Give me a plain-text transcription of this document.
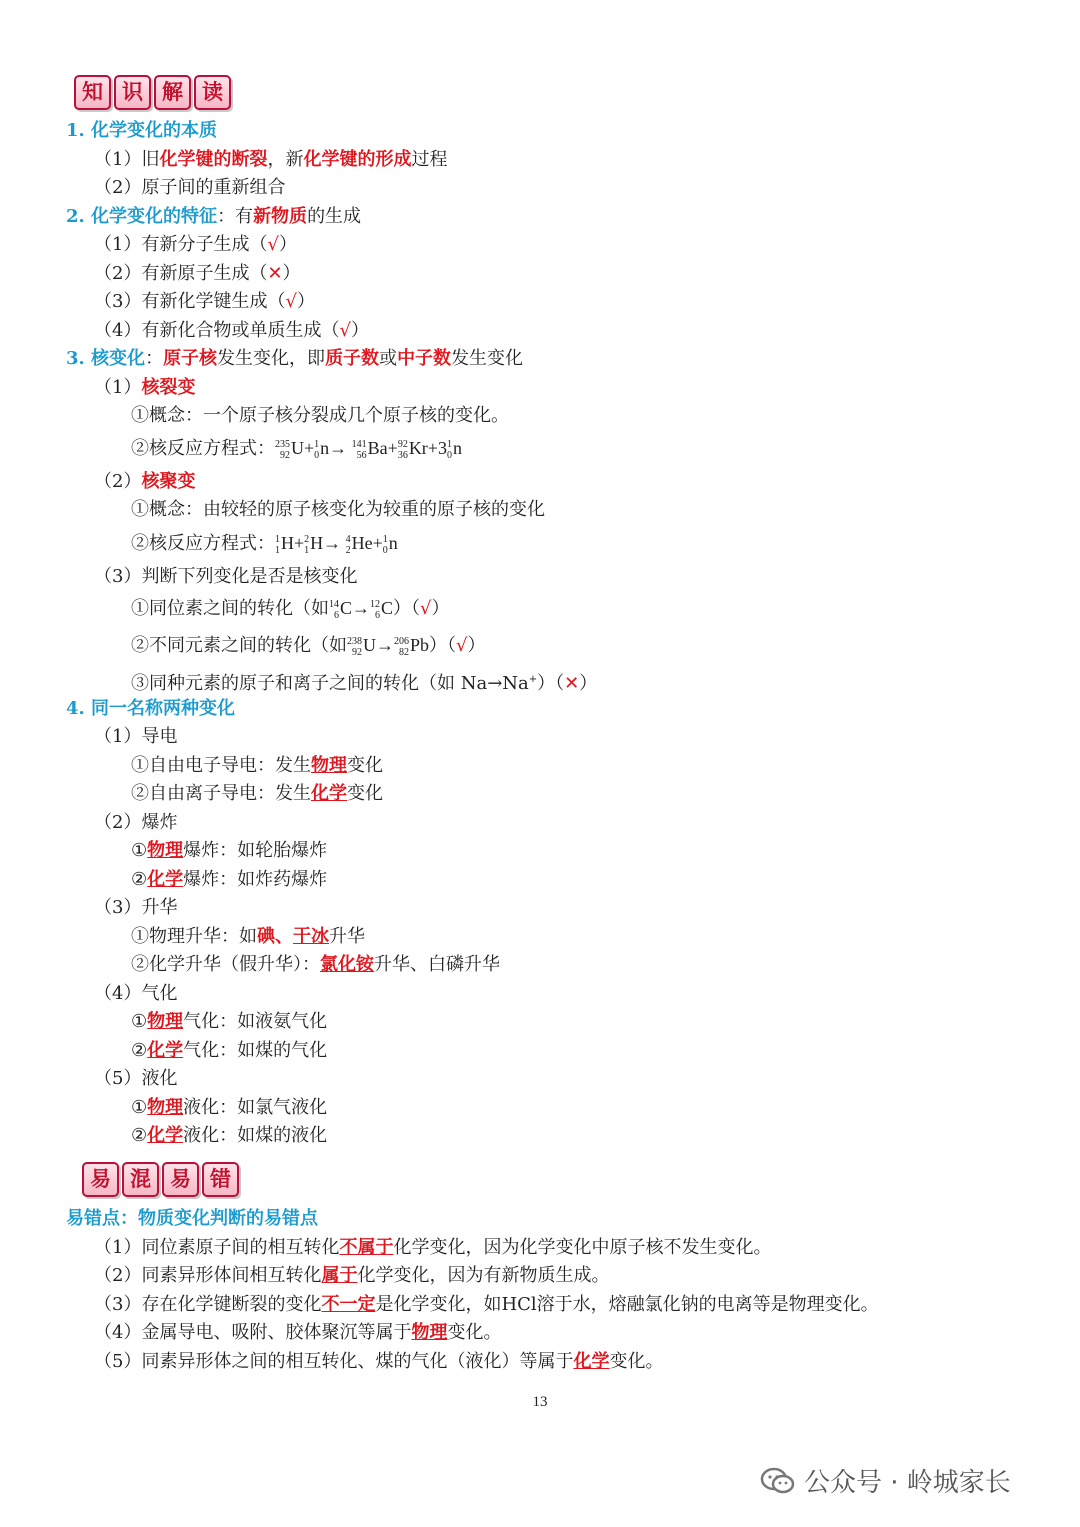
知 识 解 读
1. 化学变化的本质
（1）旧化学键的断裂，新化学键的形成过程
（2）原子间的重新组合
2. 化学变化的特征：有新物质的生成
（1）有新分子生成（√）
（2）有新原子生成（✕）
（3）有新化学键生成（√）
（4）有新化合物或单质生成（√）
3. 核变化：原子核发生变化，即质子数或中子数发生变化
（1）核裂变
①概念：一个原子核分裂成几个原子核的变化。
②核反应方程式： 235
92 U+ 1
0 n→ 141
56 Ba+ 92
36 Kr+3 1
0 n
（2）核聚变
①概念：由较轻的原子核变化为较重的原子核的变化
②核反应方程式： 1
1 H+ 2
1 H→ 4
2 He+ 1
0 n
（3）判断下列变化是否是核变化
①同位素之间的转化（如 14
6 C→ 12
6 C）（√）
②不同元素之间的转化（如 238
92 U→ 206
82 Pb）（√）
③同种元素的原子和离子之间的转化（如 Na→Na+）（✕）
4. 同一名称两种变化
（1）导电
①自由电子导电：发生物理变化
②自由离子导电：发生化学变化
（2）爆炸
①物理爆炸：如轮胎爆炸
②化学爆炸：如炸药爆炸
（3）升华
①物理升华：如碘、干冰升华
②化学升华（假升华）：氯化铵升华、白磷升华
（4）气化
①物理气化：如液氨气化
②化学气化：如煤的气化
（5）液化
①物理液化：如氯气液化
②化学液化：如煤的液化
易 混 易 错
易错点：物质变化判断的易错点
（1）同位素原子间的相互转化不属于化学变化，因为化学变化中原子核不发生变化。
（2）同素异形体间相互转化属于化学变化，因为有新物质生成。
（3）存在化学键断裂的变化不一定是化学变化，如HCl溶于水，熔融氯化钠的电离等是物理变化。
（4）金属导电、吸附、胶体聚沉等属于物理变化。
（5）同素异形体之间的相互转化、煤的气化（液化）等属于化学变化。
13
公众号 · 岭城家长
